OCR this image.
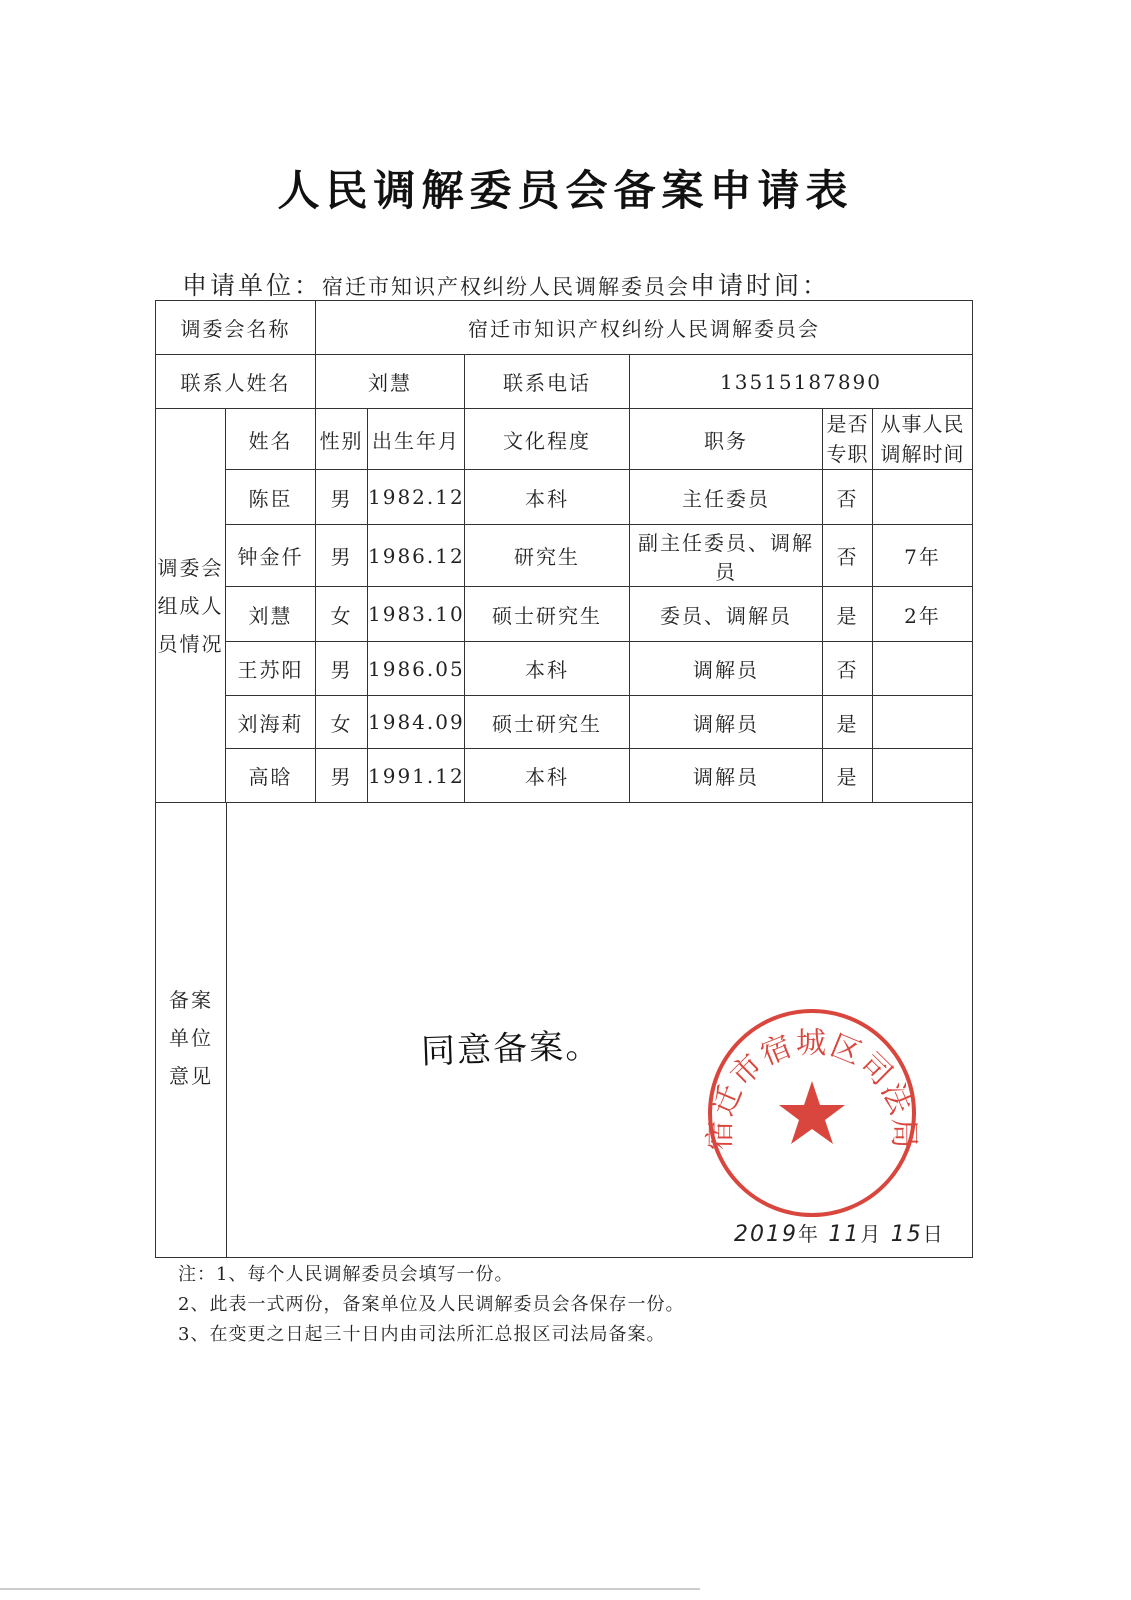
人民调解委员会备案申请表
申请单位：宿迁市知识产权纠纷人民调解委员会申请时间：
调委会名称		宿迁市知识产权纠纷人民调解委员会					
联系人姓名		刘慧		联系电话	13515187890		

调委会组成人员情况	姓名	性别	出生年月	文化程度	职务	是否专职	从事人民调解时间
	陈臣	男	1982.12	本科	主任委员	否	
	钟金仟	男	1986.12	研究生	副主任委员、调解员	否	7年
	刘慧	女	1983.10	硕士研究生	委员、调解员	是	2年
	王苏阳	男	1986.05	本科	调解员	否	
	刘海莉	女	1984.09	硕士研究生	调解员	是	
	高晗	男	1991.12	本科	调解员	是	

备案单位意见
同意备案。
宿迁市宿城区司法局
2019年 11月 15日							
注：1、每个人民调解委员会填写一份。
2、此表一式两份，备案单位及人民调解委员会各保存一份。
3、在变更之日起三十日内由司法所汇总报区司法局备案。
